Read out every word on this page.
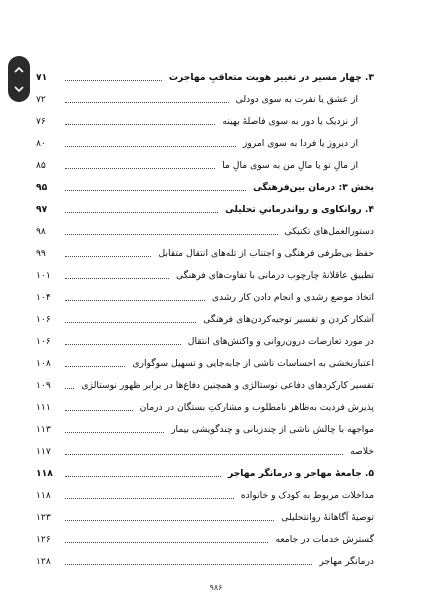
۳. چهار مسیر در تغییر هویت متعاقبِ مهاجرت
۷۱
از عشق یا نفرت به سوی دودلی
۷۲
از نزدیک یا دور به سوی فاصلهٔ بهینه
۷۶
از دیروز یا فردا به سوی امروز
۸۰
از مالِ تو یا مالِ من به سوی مالِ ما
۸۵
بخش ۳: درمان بین‌فرهنگی
۹۵
۴. روانکاوی و رواندرمانیِ تحلیلی
۹۷
دستورالعمل‌های تکنیکی
۹۸
حفظ بی‌طرفی فرهنگی و اجتناب از تله‌های انتقال متقابل
۹۹
تطبیق عاقلانهٔ چارچوب درمانی با تفاوت‌های فرهنگی
۱۰۱
اتخاذ موضع رشدی و انجام دادن کار رشدی
۱۰۴
آشکار کردن و تفسیر توجیه‌کردن‌های فرهنگی
۱۰۶
در مورد تعارضات درون‌روانی و واکنش‌های انتقال
۱۰۶
اعتباربخشی به احساسات ناشی از جابه‌جایی و تسهیل سوگواری
۱۰۸
تفسیر کارکردهای دفاعی نوستالژی و همچنین دفاع‌ها در برابر ظهور نوستالژی
۱۰۹
پذیرش فردیت به‌ظاهر نامطلوب و مشارکتِ بستگان در درمان
۱۱۱
مواجهه با چالش ناشی از چندزبانی و چندگویشی بیمار
۱۱۳
خلاصه
۱۱۷
۵. جامعهٔ مهاجر و درمانگر مهاجر
۱۱۸
مداخلات مربوط به کودک و خانواده
۱۱۸
توصیهٔ آگاهانهٔ روانتحلیلی
۱۲۳
گسترش خدمات در جامعه
۱۲۶
درمانگر مهاجر
۱۲۸
۹۸۶
